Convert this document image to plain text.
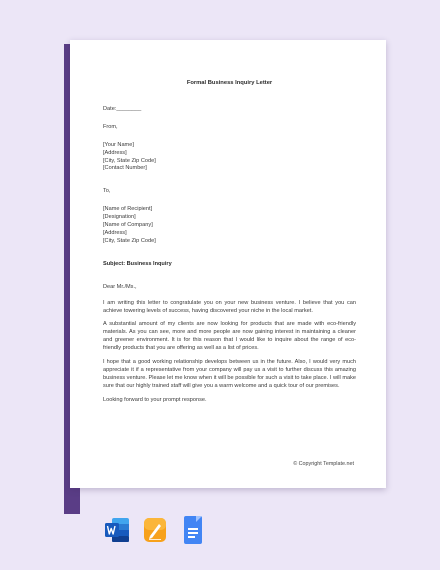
Formal Business Inquiry Letter
Date:________
From,
[Your Name]
[Address]
[City, State Zip Code]
[Contact Number]
To,
[Name of Recipient]
[Designation]
[Name of Company]
[Address]
[City, State Zip Code]
Subject: Business Inquiry
Dear Mr./Ms.,

I am writing this letter to congratulate you on your new business venture. I believe that you can achieve towering levels of success, having discovered your niche in the local market.

A substantial amount of my clients are now looking for products that are made with eco-friendly materials. As you can see, more and more people are now gaining interest in maintaining a cleaner and greener environment. It is for this reason that I would like to inquire about the range of eco-friendly products that you are offering as well as a list of prices.

I hope that a good working relationship develops between us in the future. Also, I would very much appreciate it if a representative from your company will pay us a visit to further discuss this amazing business venture. Please let me know when it will be possible for such a visit to take place. I will make sure that our highly trained staff will give you a warm welcome and a quick tour of our premises.

Looking forward to your prompt response.

© Copyright Template.net
